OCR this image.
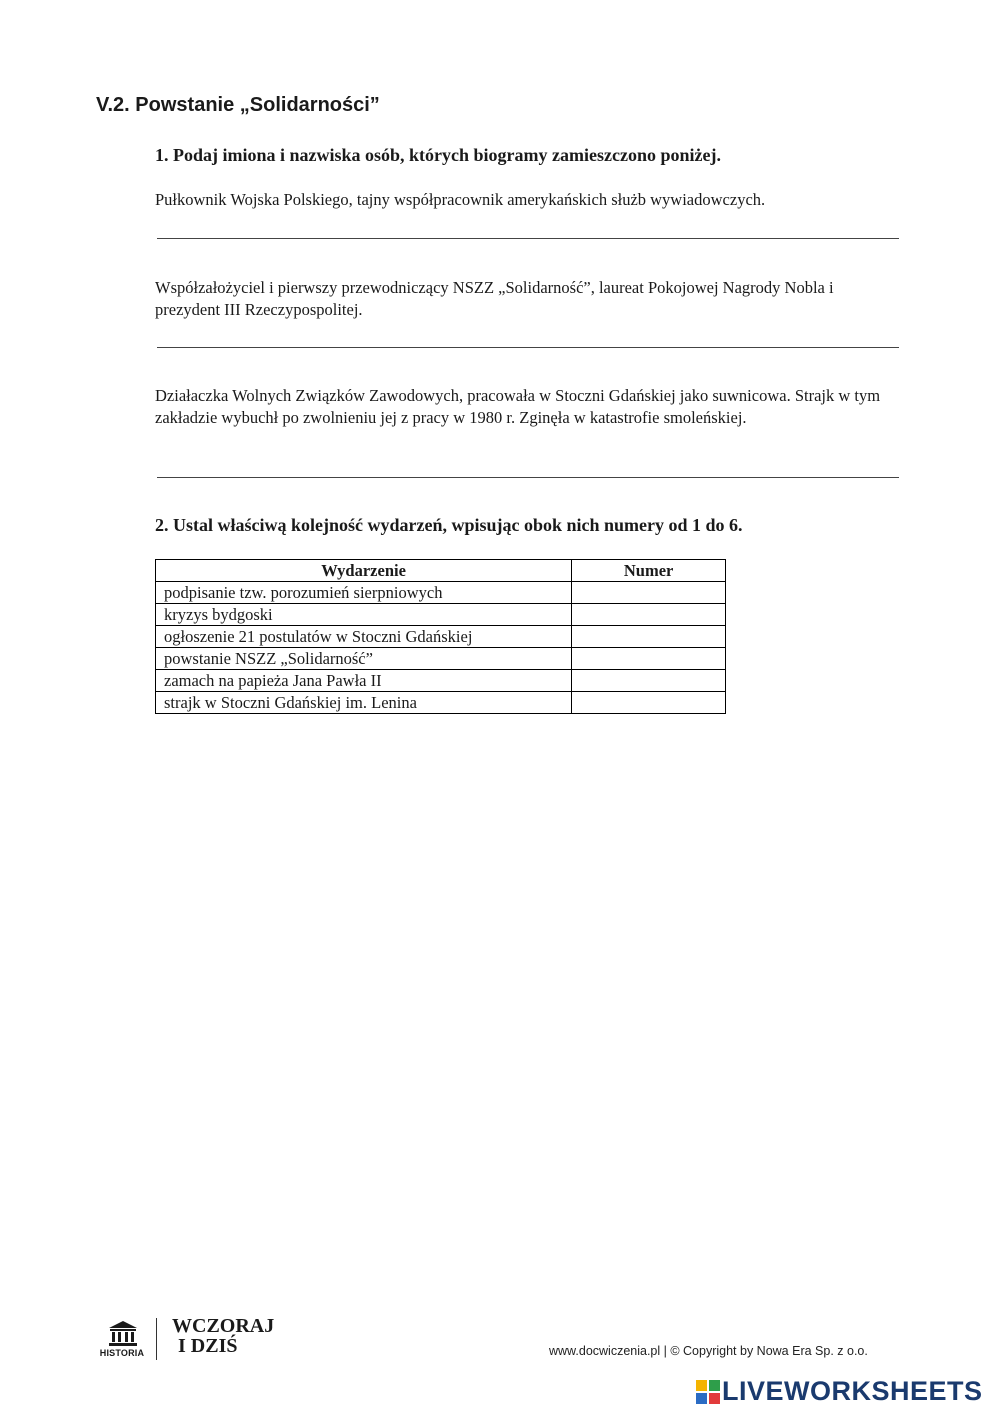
V.2. Powstanie „Solidarności”

1. Podaj imiona i nazwiska osób, których biogramy zamieszczono poniżej.

Pułkownik Wojska Polskiego, tajny współpracownik amerykańskich służb wywiadowczych.

Współzałożyciel i pierwszy przewodniczący NSZZ „Solidarność”, laureat Pokojowej Nagrody Nobla i prezydent III Rzeczypospolitej.

Działaczka Wolnych Związków Zawodowych, pracowała w Stoczni Gdańskiej jako suwnicowa. Strajk w tym zakładzie wybuchł po zwolnieniu jej z pracy w 1980 r. Zginęła w katastrofie smoleńskiej.

2. Ustal właściwą kolejność wydarzeń, wpisując obok nich numery od 1 do 6.

Wydarzenie	Numer
podpisanie tzw. porozumień sierpniowych	
kryzys bydgoski	
ogłoszenie 21 postulatów w Stoczni Gdańskiej	
powstanie NSZZ „Solidarność”	
zamach na papieża Jana Pawła II	
strajk w Stoczni Gdańskiej im. Lenina	
HISTORIA
WCZORAJ
I DZIŚ	www.docwiczenia.pl | © Copyright by Nowa Era Sp. z o.o.
LIVEWORKSHEETS
